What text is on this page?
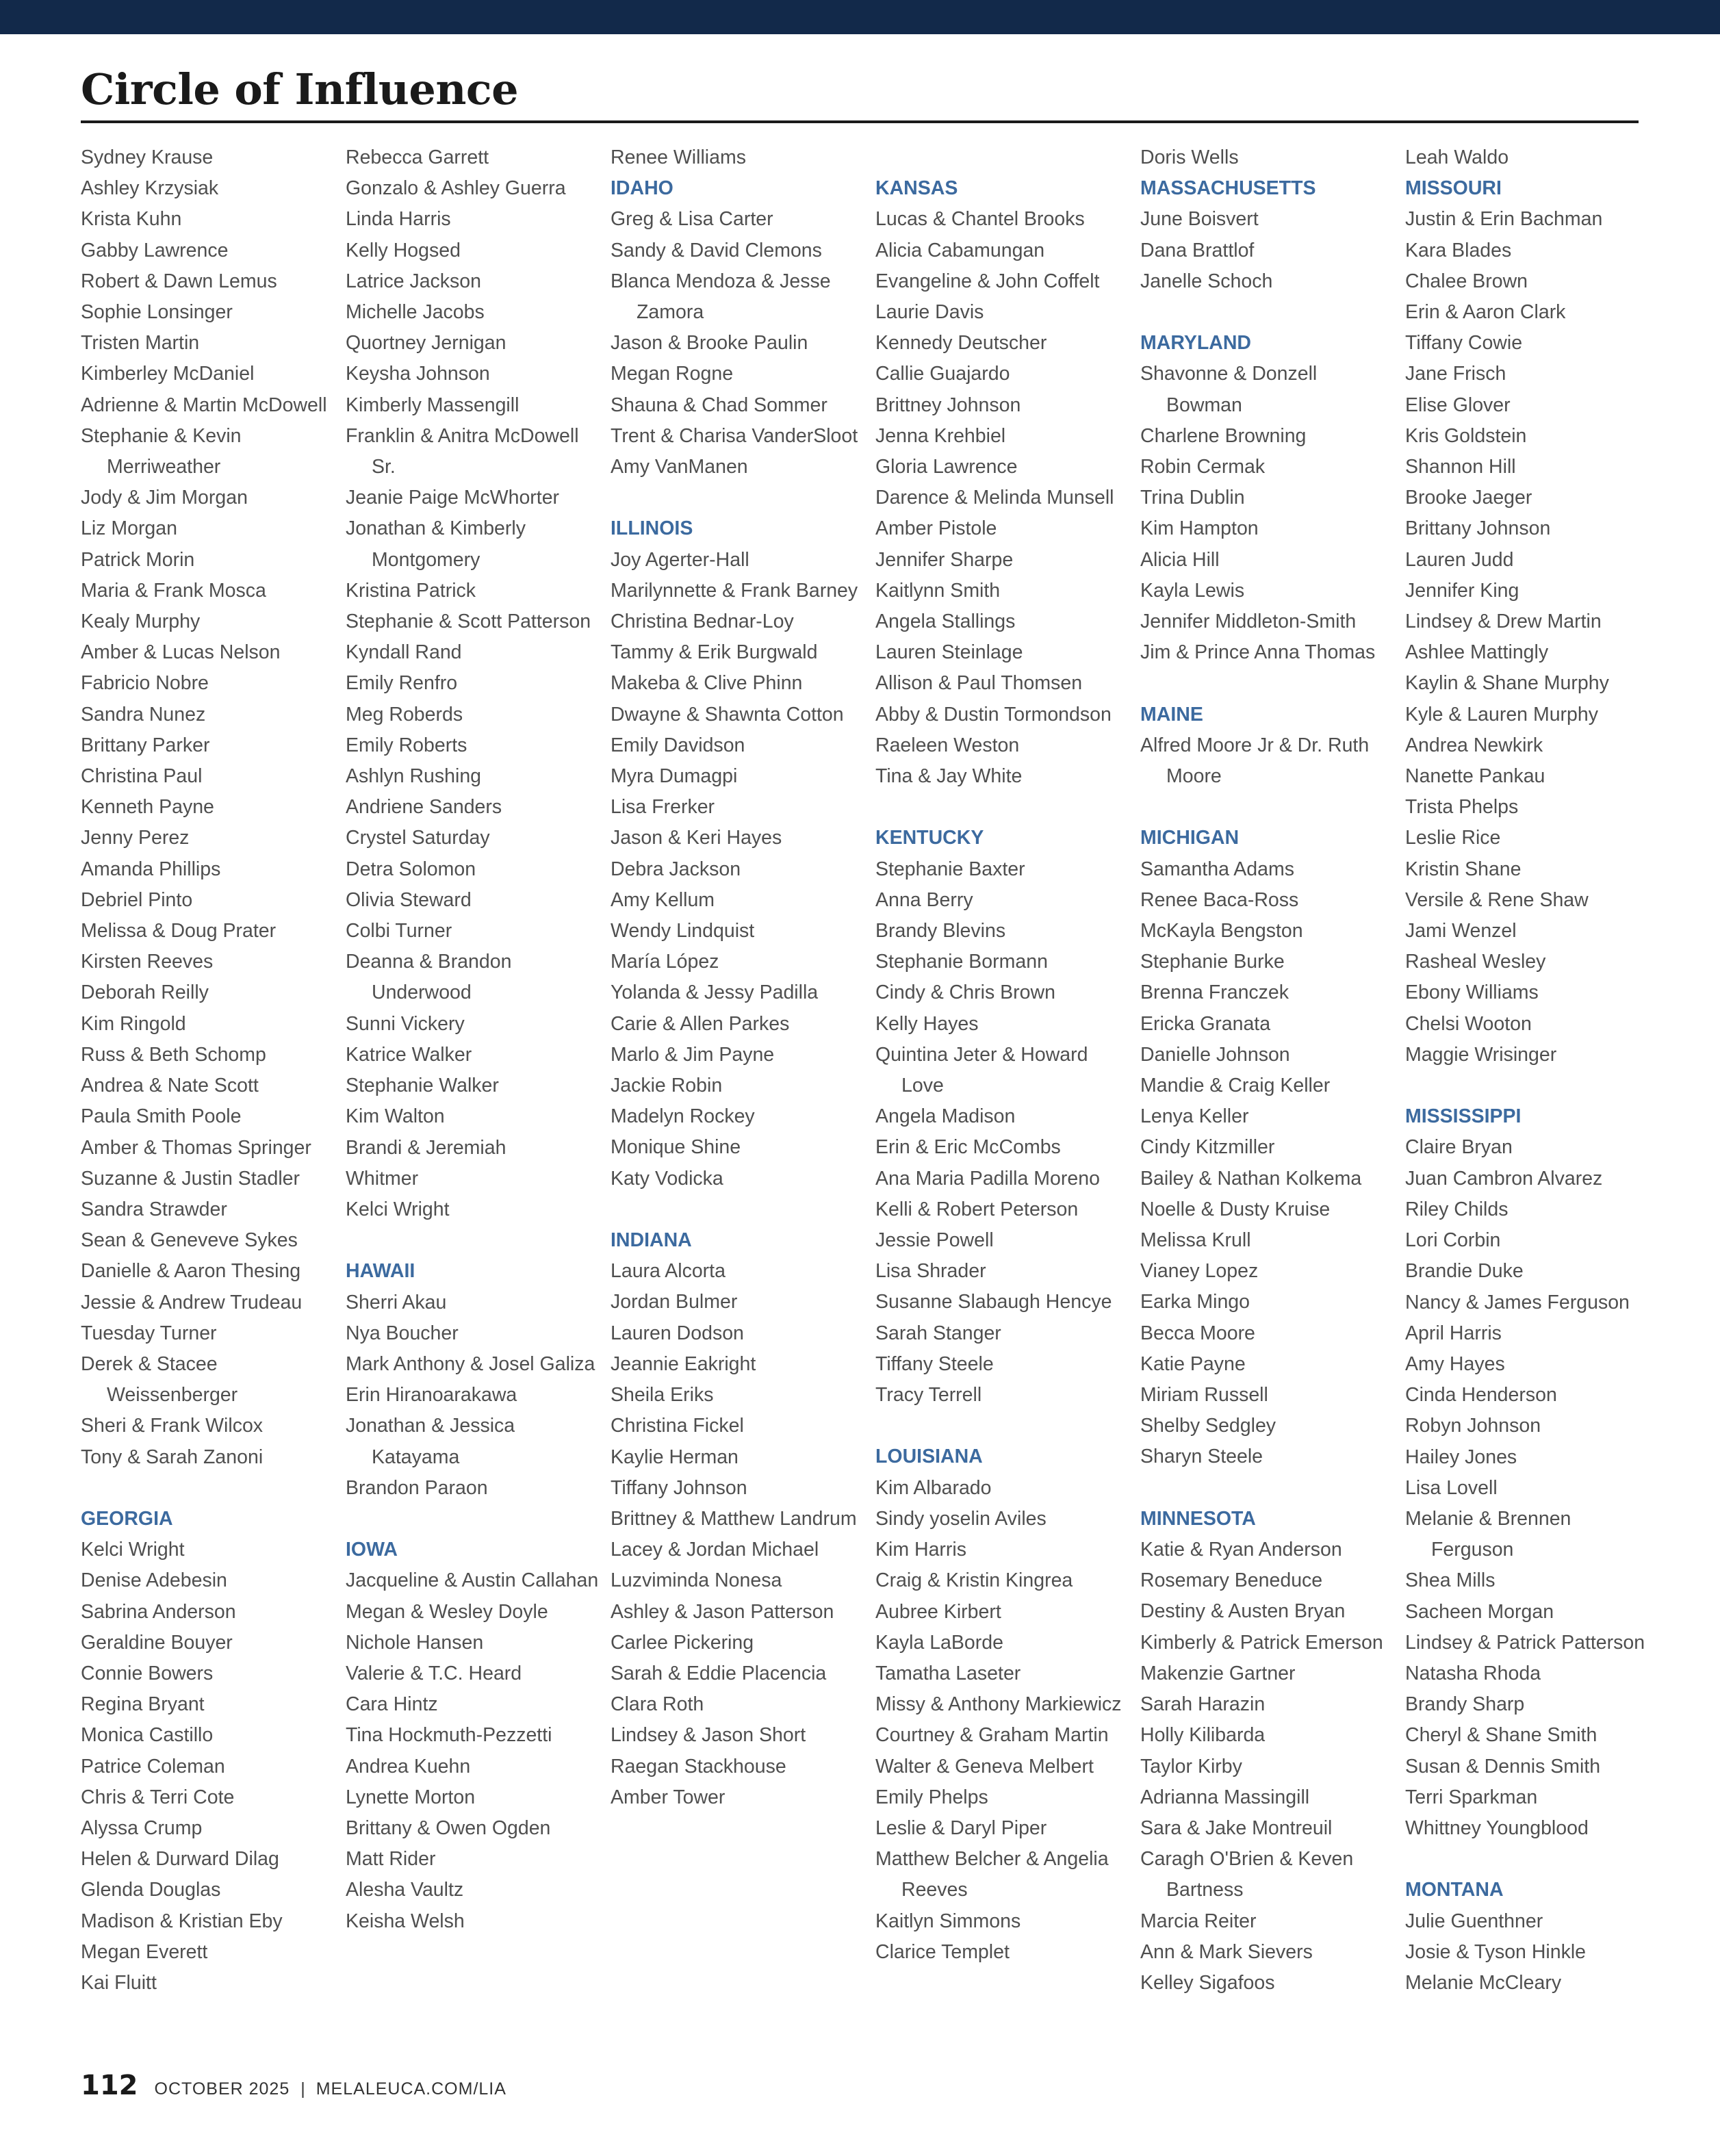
Circle of Influence
Sydney Krause
Ashley Krzysiak
Krista Kuhn
Gabby Lawrence
Robert & Dawn Lemus
Sophie Lonsinger
Tristen Martin
Kimberley McDaniel
Adrienne & Martin McDowell
Stephanie & Kevin Merriweather
Jody & Jim Morgan
Liz Morgan
Patrick Morin
Maria & Frank Mosca
Kealy Murphy
Amber & Lucas Nelson
Fabricio Nobre
Sandra Nunez
Brittany Parker
Christina Paul
Kenneth Payne
Jenny Perez
Amanda Phillips
Debriel Pinto
Melissa & Doug Prater
Kirsten Reeves
Deborah Reilly
Kim Ringold
Russ & Beth Schomp
Andrea & Nate Scott
Paula Smith Poole
Amber & Thomas Springer
Suzanne & Justin Stadler
Sandra Strawder
Sean & Geneveve Sykes
Danielle & Aaron Thesing
Jessie & Andrew Trudeau
Tuesday Turner
Derek & Stacee Weissenberger
Sheri & Frank Wilcox
Tony & Sarah Zanoni
GEORGIA
Kelci Wright
Denise Adebesin
Sabrina Anderson
Geraldine Bouyer
Connie Bowers
Regina Bryant
Monica Castillo
Patrice Coleman
Chris & Terri Cote
Alyssa Crump
Helen & Durward Dilag
Glenda Douglas
Madison & Kristian Eby
Megan Everett
Kai Fluitt
Rebecca Garrett
Gonzalo & Ashley Guerra
Linda Harris
Kelly Hogsed
Latrice Jackson
Michelle Jacobs
Quortney Jernigan
Keysha Johnson
Kimberly Massengill
Franklin & Anitra McDowell Sr.
Jeanie Paige McWhorter
Jonathan & Kimberly Montgomery
Kristina Patrick
Stephanie & Scott Patterson
Kyndall Rand
Emily Renfro
Meg Roberds
Emily Roberts
Ashlyn Rushing
Andriene Sanders
Crystel Saturday
Detra Solomon
Olivia Steward
Colbi Turner
Deanna & Brandon Underwood
Sunni Vickery
Katrice Walker
Stephanie Walker
Kim Walton
Brandi & Jeremiah
Whitmer
Kelci Wright
HAWAII
Sherri Akau
Nya Boucher
Mark Anthony & Josel Galiza
Erin Hiranoarakawa
Jonathan & Jessica Katayama
Brandon Paraon
IOWA
Jacqueline & Austin Callahan
Megan & Wesley Doyle
Nichole Hansen
Valerie & T.C. Heard
Cara Hintz
Tina Hockmuth-Pezzetti
Andrea Kuehn
Lynette Morton
Brittany & Owen Ogden
Matt Rider
Alesha Vaultz
Keisha Welsh
Renee Williams
IDAHO
Greg & Lisa Carter
Sandy & David Clemons
Blanca Mendoza & Jesse Zamora
Jason & Brooke Paulin
Megan Rogne
Shauna & Chad Sommer
Trent & Charisa VanderSloot
Amy VanManen
ILLINOIS
Joy Agerter-Hall
Marilynnette & Frank Barney
Christina Bednar-Loy
Tammy & Erik Burgwald
Makeba & Clive Phinn
Dwayne & Shawnta Cotton
Emily Davidson
Myra Dumagpi
Lisa Frerker
Jason & Keri Hayes
Debra Jackson
Amy Kellum
Wendy Lindquist
María López
Yolanda & Jessy Padilla
Carie & Allen Parkes
Marlo & Jim Payne
Jackie Robin
Madelyn Rockey
Monique Shine
Katy Vodicka
INDIANA
Laura Alcorta
Jordan Bulmer
Lauren Dodson
Jeannie Eakright
Sheila Eriks
Christina Fickel
Kaylie Herman
Tiffany Johnson
Brittney & Matthew Landrum
Lacey & Jordan Michael
Luzviminda Nonesa
Ashley & Jason Patterson
Carlee Pickering
Sarah & Eddie Placencia
Clara Roth
Lindsey & Jason Short
Raegan Stackhouse
Amber Tower
KANSAS
Lucas & Chantel Brooks
Alicia Cabamungan
Evangeline & John Coffelt
Laurie Davis
Kennedy Deutscher
Callie Guajardo
Brittney Johnson
Jenna Krehbiel
Gloria Lawrence
Darence & Melinda Munsell
Amber Pistole
Jennifer Sharpe
Kaitlynn Smith
Angela Stallings
Lauren Steinlage
Allison & Paul Thomsen
Abby & Dustin Tormondson
Raeleen Weston
Tina & Jay White
KENTUCKY
Stephanie Baxter
Anna Berry
Brandy Blevins
Stephanie Bormann
Cindy & Chris Brown
Kelly Hayes
Quintina Jeter & Howard Love
Angela Madison
Erin & Eric McCombs
Ana Maria Padilla Moreno
Kelli & Robert Peterson
Jessie Powell
Lisa Shrader
Susanne Slabaugh Hencye
Sarah Stanger
Tiffany Steele
Tracy Terrell
LOUISIANA
Kim Albarado
Sindy yoselin Aviles
Kim Harris
Craig & Kristin Kingrea
Aubree Kirbert
Kayla LaBorde
Tamatha Laseter
Missy & Anthony Markiewicz
Courtney & Graham Martin
Walter & Geneva Melbert
Emily Phelps
Leslie & Daryl Piper
Matthew Belcher & Angelia Reeves
Kaitlyn Simmons
Clarice Templet
Doris Wells
MASSACHUSETTS
June Boisvert
Dana Brattlof
Janelle Schoch
MARYLAND
Shavonne & Donzell Bowman
Charlene Browning
Robin Cermak
Trina Dublin
Kim Hampton
Alicia Hill
Kayla Lewis
Jennifer Middleton-Smith
Jim & Prince Anna Thomas
MAINE
Alfred Moore Jr & Dr. Ruth Moore
MICHIGAN
Samantha Adams
Renee Baca-Ross
McKayla Bengston
Stephanie Burke
Brenna Franczek
Ericka Granata
Danielle Johnson
Mandie & Craig Keller
Lenya Keller
Cindy Kitzmiller
Bailey & Nathan Kolkema
Noelle & Dusty Kruise
Melissa Krull
Vianey Lopez
Earka Mingo
Becca Moore
Katie Payne
Miriam Russell
Shelby Sedgley
Sharyn Steele
MINNESOTA
Katie & Ryan Anderson
Rosemary Beneduce
Destiny & Austen Bryan
Kimberly & Patrick Emerson
Makenzie Gartner
Sarah Harazin
Holly Kilibarda
Taylor Kirby
Adrianna Massingill
Sara & Jake Montreuil
Caragh O'Brien & Keven Bartness
Marcia Reiter
Ann & Mark Sievers
Kelley Sigafoos
Leah Waldo
MISSOURI
Justin & Erin Bachman
Kara Blades
Chalee Brown
Erin & Aaron Clark
Tiffany Cowie
Jane Frisch
Elise Glover
Kris Goldstein
Shannon Hill
Brooke Jaeger
Brittany Johnson
Lauren Judd
Jennifer King
Lindsey & Drew Martin
Ashlee Mattingly
Kaylin & Shane Murphy
Kyle & Lauren Murphy
Andrea Newkirk
Nanette Pankau
Trista Phelps
Leslie Rice
Kristin Shane
Versile & Rene Shaw
Jami Wenzel
Rasheal Wesley
Ebony Williams
Chelsi Wooton
Maggie Wrisinger
MISSISSIPPI
Claire Bryan
Juan Cambron Alvarez
Riley Childs
Lori Corbin
Brandie Duke
Nancy & James Ferguson
April Harris
Amy Hayes
Cinda Henderson
Robyn Johnson
Hailey Jones
Lisa Lovell
Melanie & Brennen Ferguson
Shea Mills
Sacheen Morgan
Lindsey & Patrick Patterson
Natasha Rhoda
Brandy Sharp
Cheryl & Shane Smith
Susan & Dennis Smith
Terri Sparkman
Whittney Youngblood
MONTANA
Julie Guenthner
Josie & Tyson Hinkle
Melanie McCleary
112 OCTOBER 2025 | MELALEUCA.COM/LIA
